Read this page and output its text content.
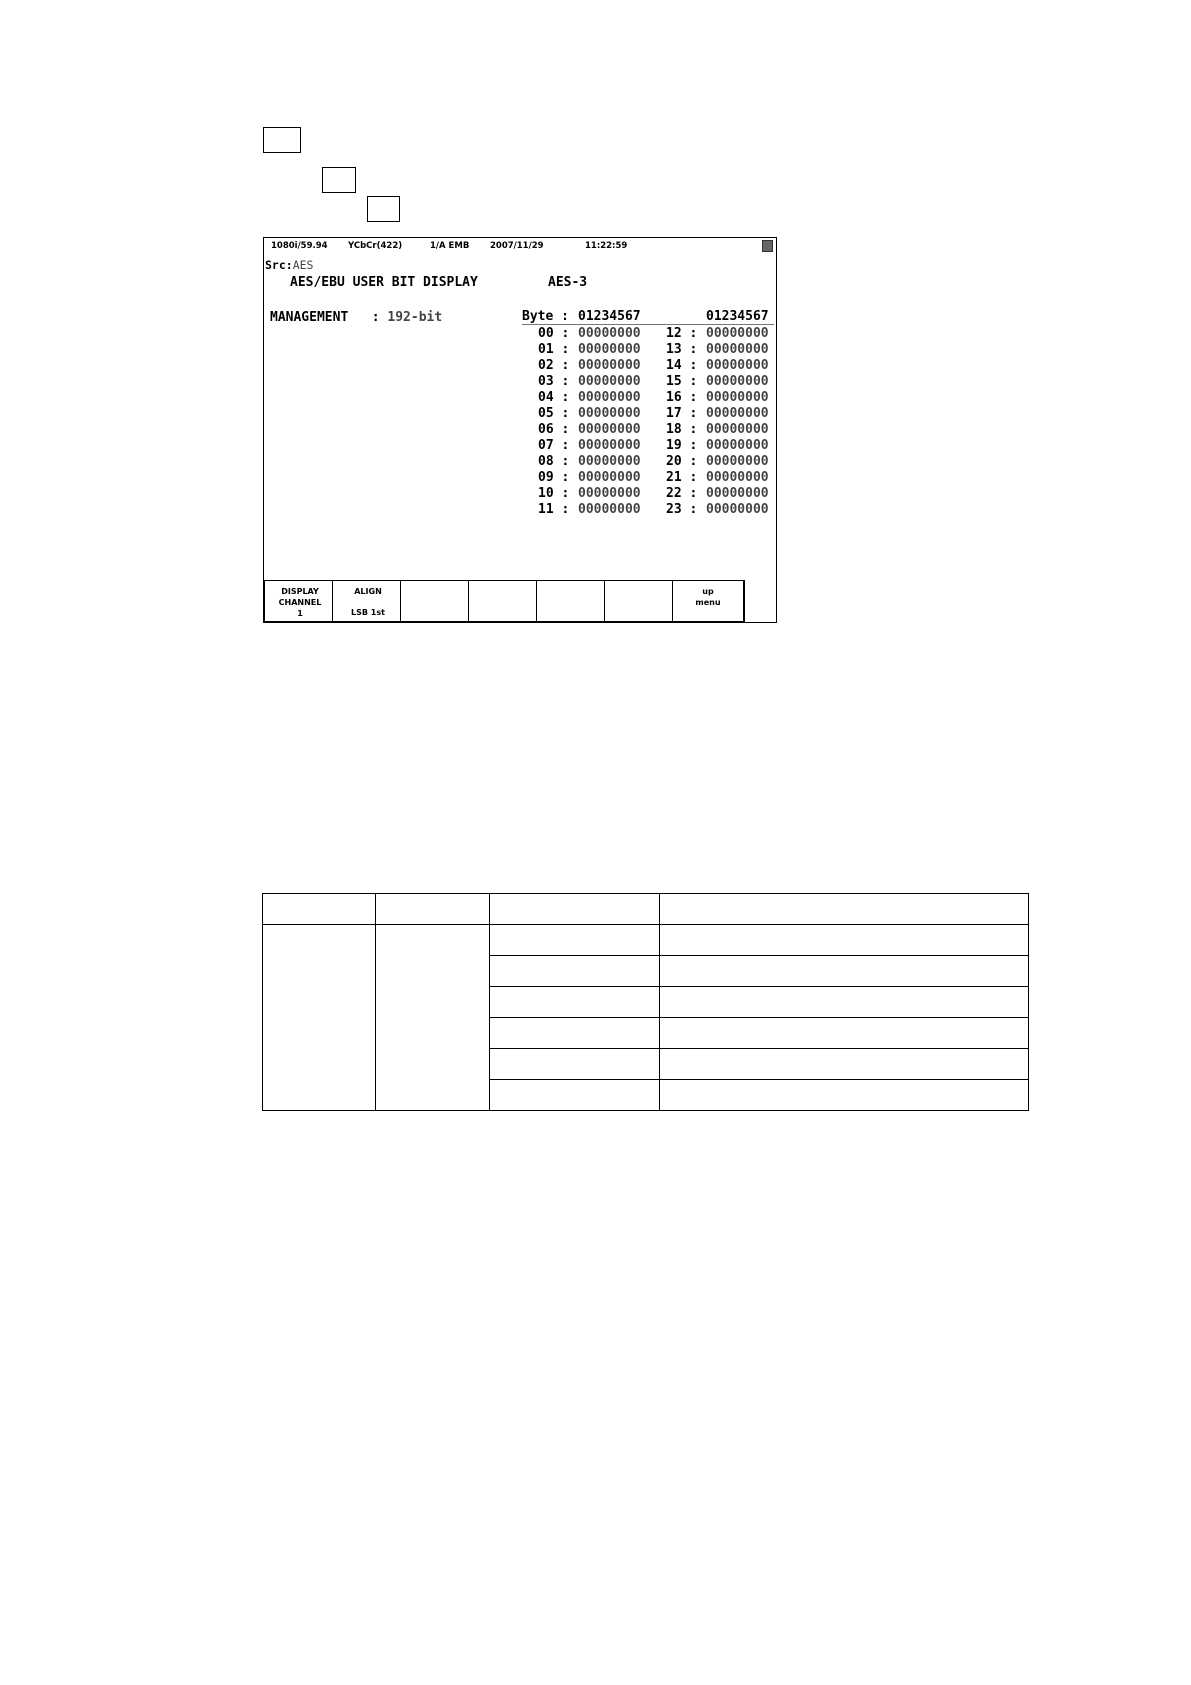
1080i/59.94 YCbCr(422)	1/A EMB 2007/11/29	11:22:59
Src:AES
AES/EBU USER BIT DISPLAY	AES-3
MANAGEMENT   : 192-bit	Byte : 01234567	01234567
00 : 00000000 12 : 00000000
01 : 00000000 13 : 00000000
02 : 00000000 14 : 00000000
03 : 00000000 15 : 00000000
04 : 00000000 16 : 00000000
05 : 00000000 17 : 00000000
06 : 00000000 18 : 00000000
07 : 00000000 19 : 00000000
08 : 00000000 20 : 00000000
09 : 00000000 21 : 00000000
10 : 00000000 22 : 00000000
11 : 00000000 23 : 00000000
DISPLAY
CHANNEL
1
ALIGN
LSB 1st
up
menu
